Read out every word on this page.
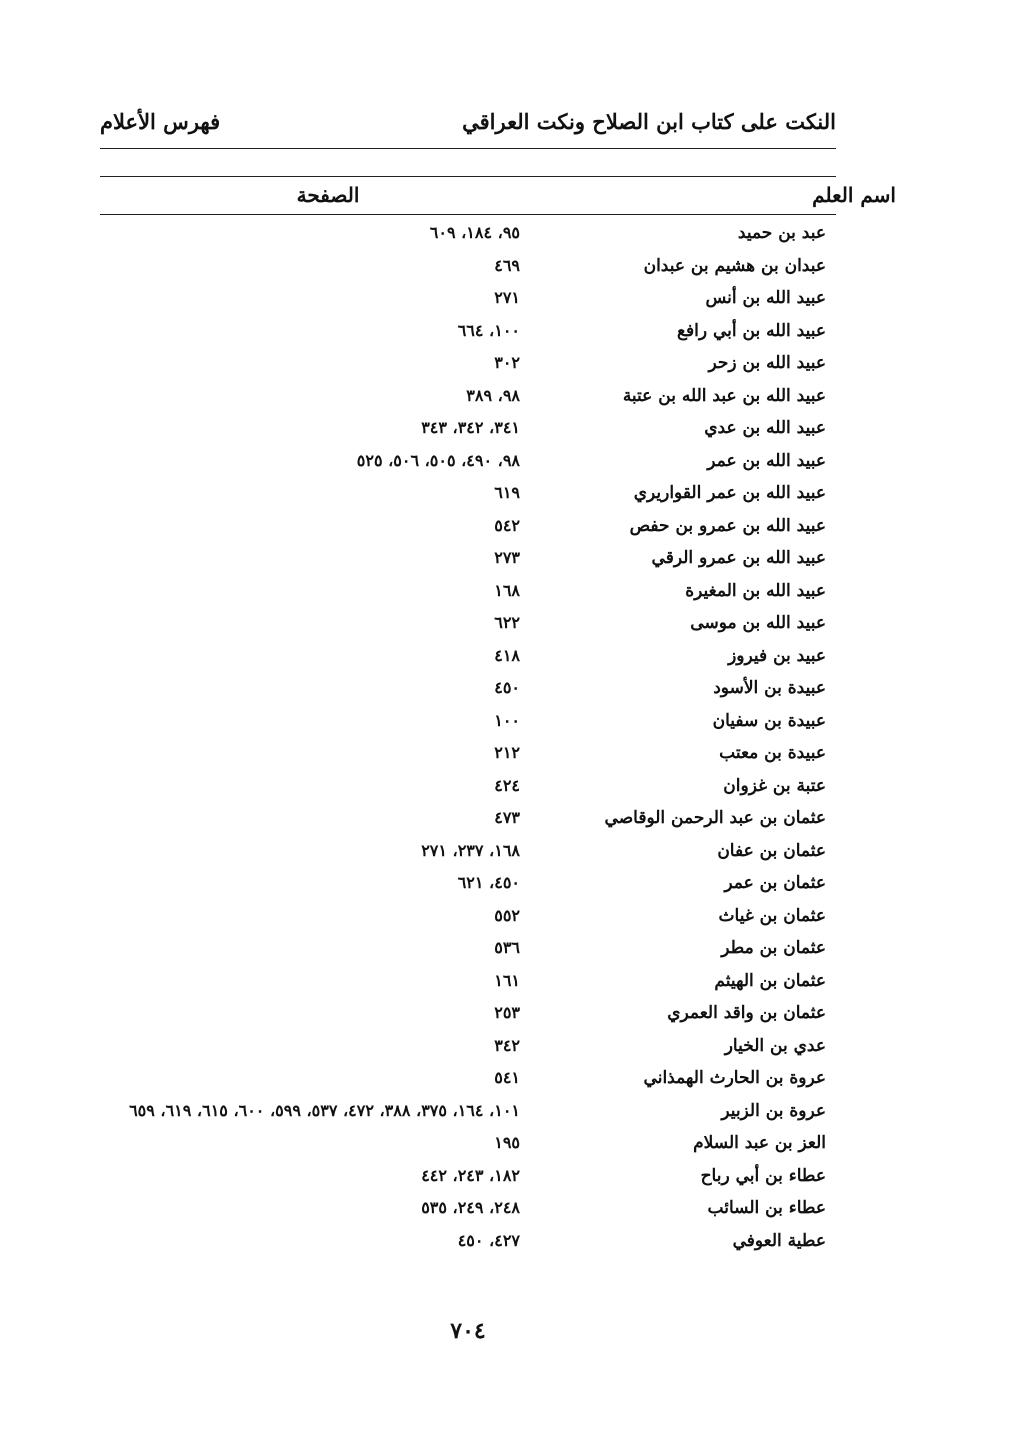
فهرس الأعلام	النكت على كتاب ابن الصلاح ونكت العراقي
اسم العلم
الصفحة
عبد بن حميد
٩٥، ١٨٤، ٦٠٩
عبدان بن هشيم بن عبدان
٤٦٩
عبيد الله بن أنس
٢٧١
عبيد الله بن أبي رافع
١٠٠، ٦٦٤
عبيد الله بن زحر
٣٠٢
عبيد الله بن عبد الله بن عتبة
٩٨، ٣٨٩
عبيد الله بن عدي
٣٤١، ٣٤٢، ٣٤٣
عبيد الله بن عمر
٩٨، ٤٩٠، ٥٠٥، ٥٠٦، ٥٢٥
عبيد الله بن عمر القواريري
٦١٩
عبيد الله بن عمرو بن حفص
٥٤٢
عبيد الله بن عمرو الرقي
٢٧٣
عبيد الله بن المغيرة
١٦٨
عبيد الله بن موسى
٦٢٢
عبيد بن فيروز
٤١٨
عبيدة بن الأسود
٤٥٠
عبيدة بن سفيان
١٠٠
عبيدة بن معتب
٢١٢
عتبة بن غزوان
٤٢٤
عثمان بن عبد الرحمن الوقاصي
٤٧٣
عثمان بن عفان
١٦٨، ٢٣٧، ٢٧١
عثمان بن عمر
٤٥٠، ٦٢١
عثمان بن غياث
٥٥٢
عثمان بن مطر
٥٣٦
عثمان بن الهيثم
١٦١
عثمان بن واقد العمري
٢٥٣
عدي بن الخيار
٣٤٢
عروة بن الحارث الهمذاني
٥٤١
عروة بن الزبير
١٠١، ١٦٤، ٣٧٥، ٣٨٨، ٤٧٢، ٥٣٧، ٥٩٩، ٦٠٠، ٦١٥، ٦١٩، ٦٥٩
العز بن عبد السلام
١٩٥
عطاء بن أبي رباح
١٨٢، ٢٤٣، ٤٤٢
عطاء بن السائب
٢٤٨، ٢٤٩، ٥٣٥
عطية العوفي
٤٢٧، ٤٥٠
٧٠٤
